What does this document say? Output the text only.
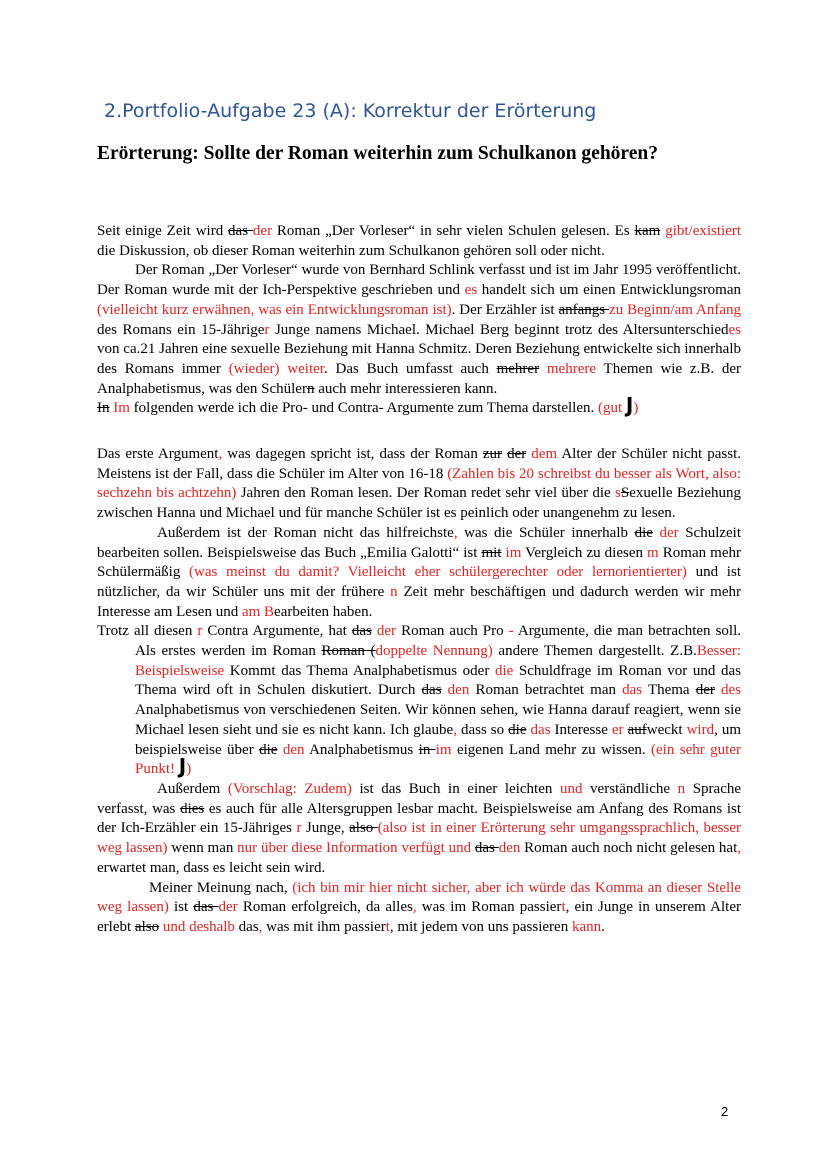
2.Portfolio-Aufgabe 23 (A): Korrektur der Erörterung
Erörterung: Sollte der Roman weiterhin zum Schulkanon gehören?

Seit einige Zeit wird das der Roman „Der Vorleser“ in sehr vielen Schulen gelesen. Es kam gibt/existiert die Diskussion, ob dieser Roman weiterhin zum Schulkanon gehören soll oder nicht.

Der Roman „Der Vorleser“ wurde von Bernhard Schlink verfasst und ist im Jahr 1995 veröffentlicht. Der Roman wurde mit der Ich-Perspektive geschrieben und es handelt sich um einen Entwicklungsroman (vielleicht kurz erwähnen, was ein Entwicklungsroman ist). Der Erzähler ist anfangs zu Beginn/am Anfang des Romans ein 15-Jähriger Junge namens Michael. Michael Berg beginnt trotz des Altersunterschiedes von ca.21 Jahren eine sexuelle Beziehung mit Hanna Schmitz. Deren Beziehung entwickelte sich innerhalb des Romans immer (wieder) weiter. Das Buch umfasst auch mehrer mehrere Themen wie z.B. der Analphabetismus, was den Schülern auch mehr interessieren kann.

In Im folgenden werde ich die Pro- und Contra- Argumente zum Thema darstellen. (gut J)

Das erste Argument, was dagegen spricht ist, dass der Roman zur der dem Alter der Schüler nicht passt. Meistens ist der Fall, dass die Schüler im Alter von 16-18 (Zahlen bis 20 schreibst du besser als Wort, also: sechzehn bis achtzehn) Jahren den Roman lesen. Der Roman redet sehr viel über die sSexuelle Beziehung zwischen Hanna und Michael und für manche Schüler ist es peinlich oder unangenehm zu lesen.

Außerdem ist der Roman nicht das hilfreichste, was die Schüler innerhalb die der Schulzeit bearbeiten sollen. Beispielsweise das Buch „Emilia Galotti“ ist mit im Vergleich zu diesen m Roman mehr Schülermäßig (was meinst du damit? Vielleicht eher schülergerechter oder lernorientierter) und ist nützlicher, da wir Schüler uns mit der frühere n Zeit mehr beschäftigen und dadurch werden wir mehr Interesse am Lesen und am Bearbeiten haben.

Trotz all diesen r Contra Argumente, hat das der Roman auch Pro - Argumente, die man betrachten soll. Als erstes werden im Roman Roman (doppelte Nennung) andere Themen dargestellt. Z.B.Besser: Beispielsweise Kommt das Thema Analphabetismus oder die Schuldfrage im Roman vor und das Thema wird oft in Schulen diskutiert. Durch das den Roman betrachtet man das Thema der des Analphabetismus von verschiedenen Seiten. Wir können sehen, wie Hanna darauf reagiert, wenn sie Michael lesen sieht und sie es nicht kann. Ich glaube, dass so die das Interesse er aufweckt wird, um beispielsweise über die den Analphabetismus in im eigenen Land mehr zu wissen. (ein sehr guter Punkt! J)

Außerdem (Vorschlag: Zudem) ist das Buch in einer leichten und verständliche n Sprache verfasst, was dies es auch für alle Altersgruppen lesbar macht. Beispielsweise am Anfang des Romans ist der Ich-Erzähler ein 15-Jähriges r Junge, also (also ist in einer Erörterung sehr umgangssprachlich, besser weg lassen) wenn man nur über diese Information verfügt und das den Roman auch noch nicht gelesen hat, erwartet man, dass es leicht sein wird.

Meiner Meinung nach, (ich bin mir hier nicht sicher, aber ich würde das Komma an dieser Stelle weg lassen) ist das der Roman erfolgreich, da alles, was im Roman passiert, ein Junge in unserem Alter erlebt also und deshalb das, was mit ihm passiert, mit jedem von uns passieren kann.

2
